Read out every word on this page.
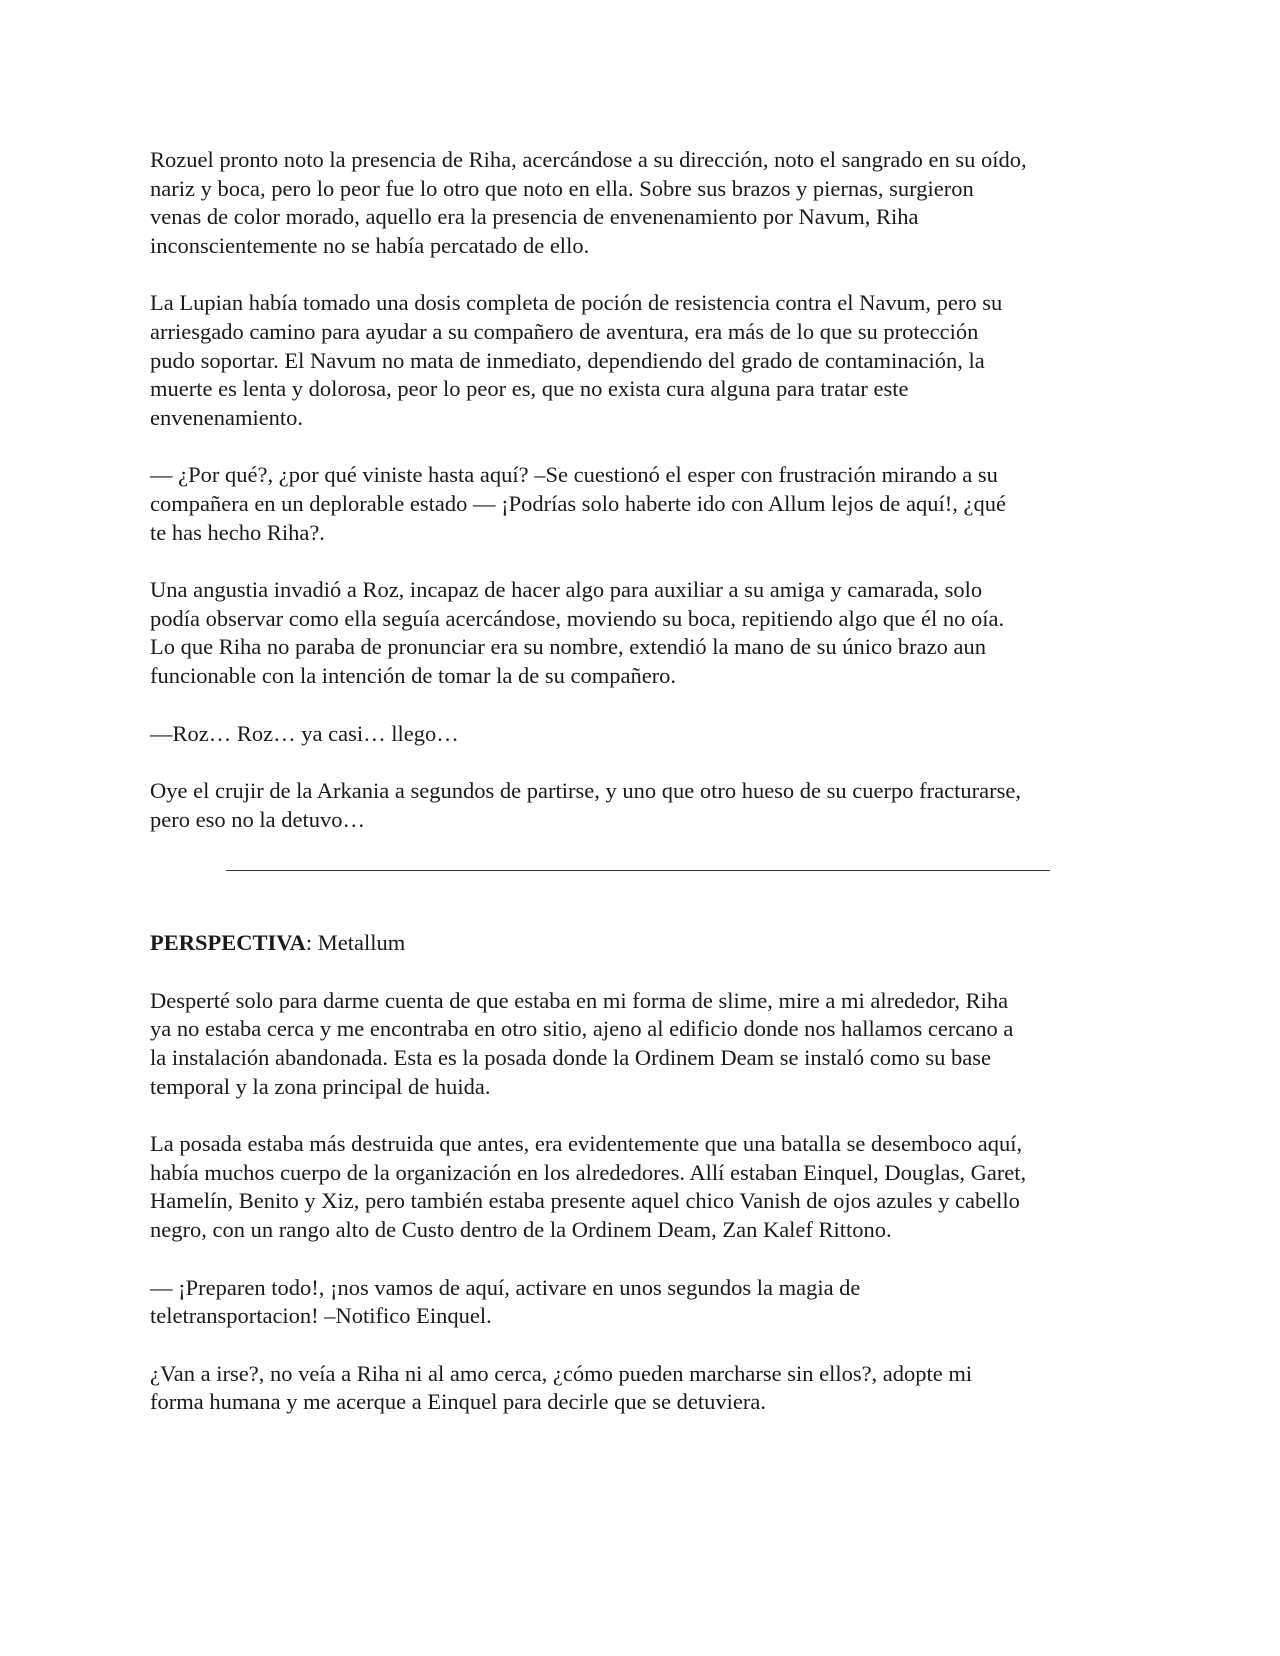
Rozuel pronto noto la presencia de Riha, acercándose a su dirección, noto el sangrado en su oído,
nariz y boca, pero lo peor fue lo otro que noto en ella. Sobre sus brazos y piernas, surgieron
venas de color morado, aquello era la presencia de envenenamiento por Navum, Riha
inconscientemente no se había percatado de ello.

La Lupian había tomado una dosis completa de poción de resistencia contra el Navum, pero su
arriesgado camino para ayudar a su compañero de aventura, era más de lo que su protección
pudo soportar. El Navum no mata de inmediato, dependiendo del grado de contaminación, la
muerte es lenta y dolorosa, peor lo peor es, que no exista cura alguna para tratar este
envenenamiento.

— ¿Por qué?, ¿por qué viniste hasta aquí? –Se cuestionó el esper con frustración mirando a su
compañera en un deplorable estado — ¡Podrías solo haberte ido con Allum lejos de aquí!, ¿qué
te has hecho Riha?.

Una angustia invadió a Roz, incapaz de hacer algo para auxiliar a su amiga y camarada, solo
podía observar como ella seguía acercándose, moviendo su boca, repitiendo algo que él no oía.
Lo que Riha no paraba de pronunciar era su nombre, extendió la mano de su único brazo aun
funcionable con la intención de tomar la de su compañero.

—Roz… Roz… ya casi… llego…

Oye el crujir de la Arkania a segundos de partirse, y uno que otro hueso de su cuerpo fracturarse,
pero eso no la detuvo…

PERSPECTIVA: Metallum

Desperté solo para darme cuenta de que estaba en mi forma de slime, mire a mi alrededor, Riha
ya no estaba cerca y me encontraba en otro sitio, ajeno al edificio donde nos hallamos cercano a
la instalación abandonada. Esta es la posada donde la Ordinem Deam se instaló como su base
temporal y la zona principal de huida.

La posada estaba más destruida que antes, era evidentemente que una batalla se desemboco aquí,
había muchos cuerpo de la organización en los alrededores. Allí estaban Einquel, Douglas, Garet,
Hamelín, Benito y Xiz, pero también estaba presente aquel chico Vanish de ojos azules y cabello
negro, con un rango alto de Custo dentro de la Ordinem Deam, Zan Kalef Rittono.

— ¡Preparen todo!, ¡nos vamos de aquí, activare en unos segundos la magia de
teletransportacion! –Notifico Einquel.

¿Van a irse?, no veía a Riha ni al amo cerca, ¿cómo pueden marcharse sin ellos?, adopte mi
forma humana y me acerque a Einquel para decirle que se detuviera.
